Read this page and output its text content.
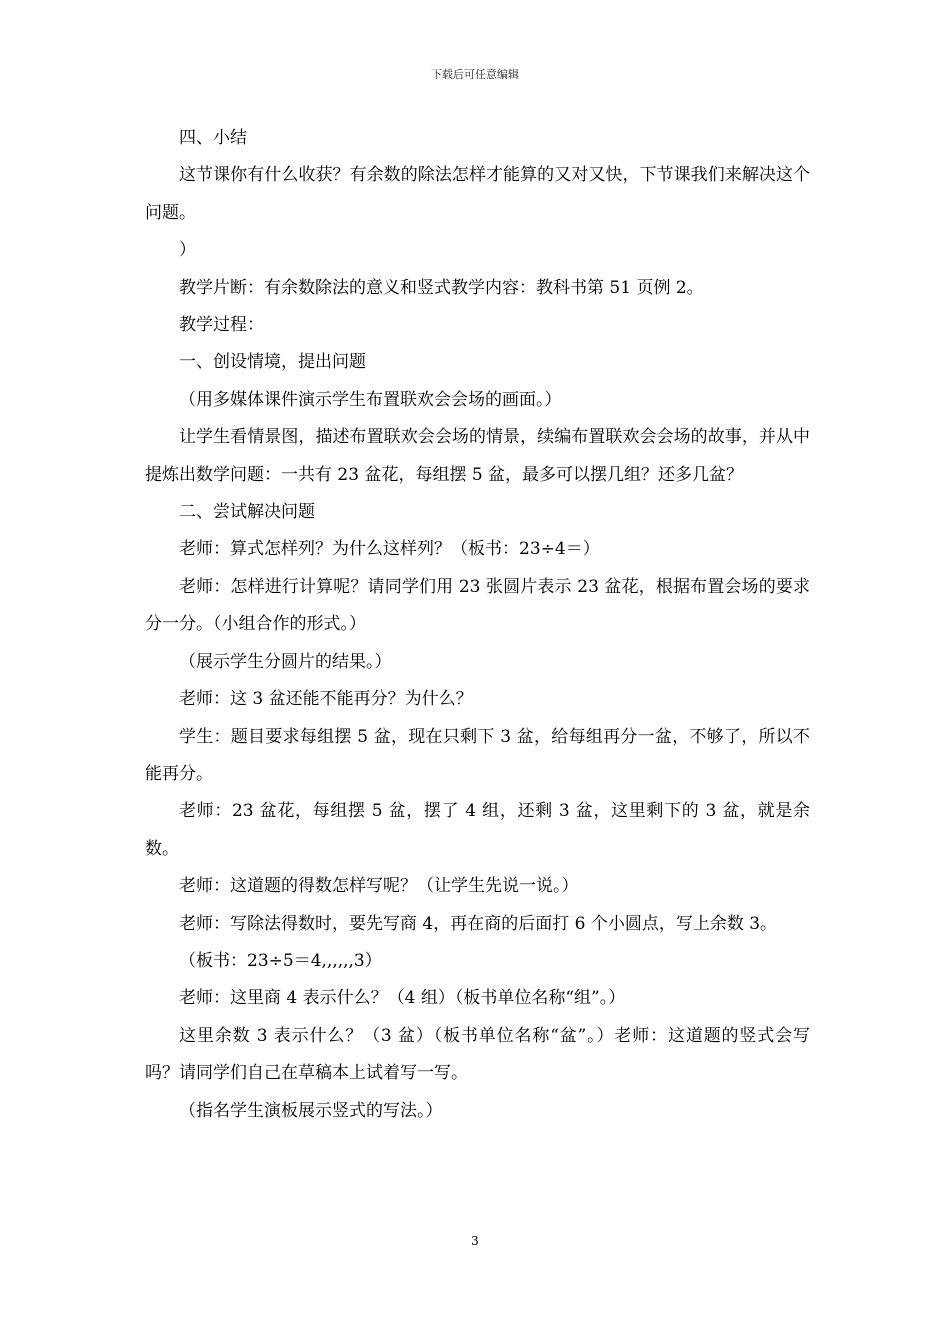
下载后可任意编辑

四、小结

这节课你有什么收获？有余数的除法怎样才能算的又对又快，下节课我们来解决这个问题。

）

教学片断：有余数除法的意义和竖式教学内容：教科书第 51 页例 2。

教学过程：

一、创设情境，提出问题

（用多媒体课件演示学生布置联欢会会场的画面。）

让学生看情景图，描述布置联欢会会场的情景，续编布置联欢会会场的故事，并从中提炼出数学问题：一共有 23 盆花，每组摆 5 盆，最多可以摆几组？还多几盆？

二、尝试解决问题

老师：算式怎样列？为什么这样列？（板书：23÷4＝）

老师：怎样进行计算呢？请同学们用 23 张圆片表示 23 盆花，根据布置会场的要求分一分。（小组合作的形式。）

（展示学生分圆片的结果。）

老师：这 3 盆还能不能再分？为什么？

学生：题目要求每组摆 5 盆，现在只剩下 3 盆，给每组再分一盆，不够了，所以不能再分。

老师：23 盆花，每组摆 5 盆，摆了 4 组，还剩 3 盆，这里剩下的 3 盆，就是余数。

老师：这道题的得数怎样写呢？（让学生先说一说。）

老师：写除法得数时，要先写商 4，再在商的后面打 6 个小圆点，写上余数 3。

（板书：23÷5＝4,,,,,,3）

老师：这里商 4 表示什么？（4 组）（板书单位名称“组”。）

这里余数 3 表示什么？（3 盆）（板书单位名称“盆”。）老师：这道题的竖式会写吗？请同学们自己在草稿本上试着写一写。

（指名学生演板展示竖式的写法。）

3
